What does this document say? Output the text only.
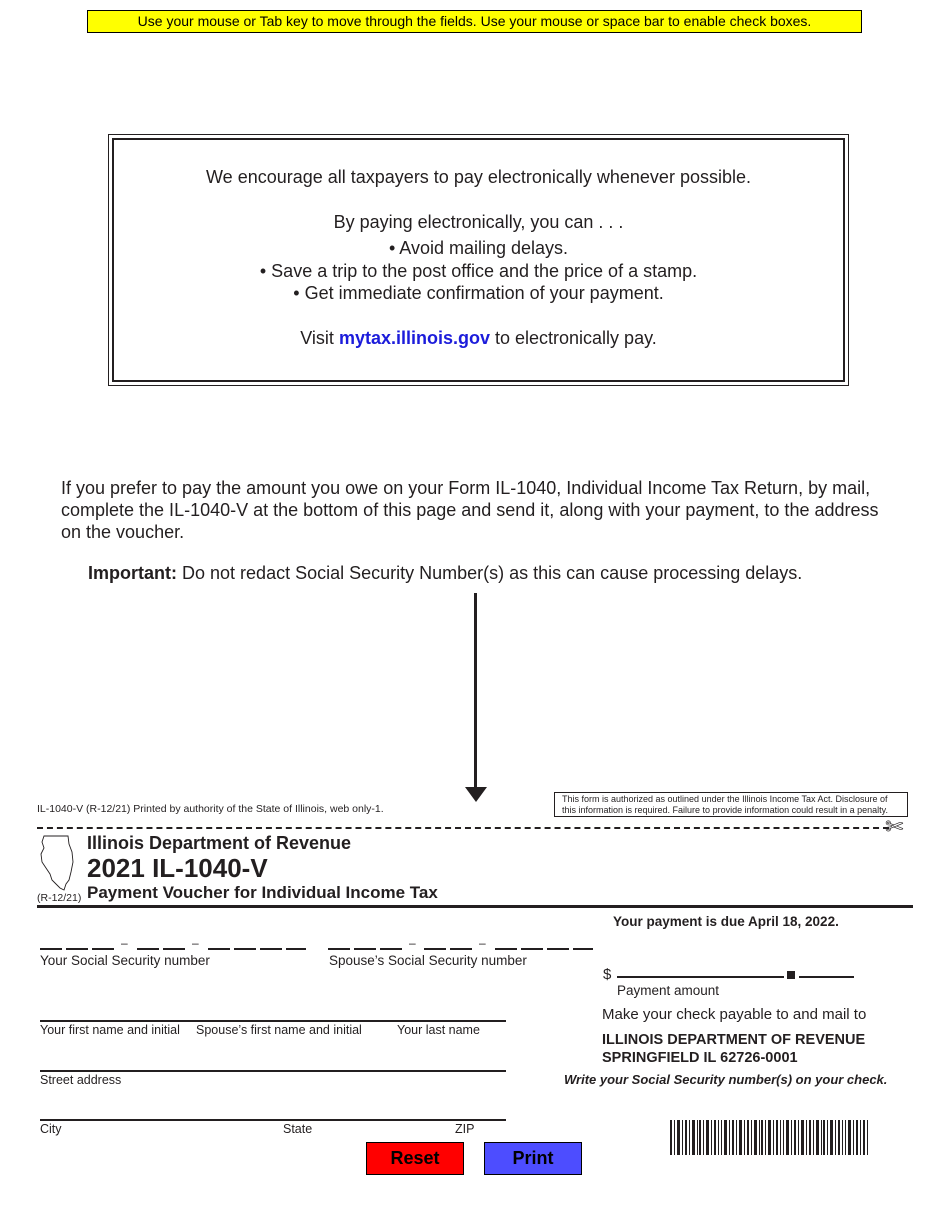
Use your mouse or Tab key to move through the fields. Use your mouse or space bar to enable check boxes.
We encourage all taxpayers to pay electronically whenever possible.
By paying electronically, you can . . .
• Avoid mailing delays.
• Save a trip to the post office and the price of a stamp.
• Get immediate confirmation of your payment.
Visit mytax.illinois.gov to electronically pay.
If you prefer to pay the amount you owe on your Form IL-1040, Individual Income Tax Return, by mail, complete the IL-1040-V at the bottom of this page and send it, along with your payment, to the address on the voucher.
Important: Do not redact Social Security Number(s) as this can cause processing delays.
IL-1040-V (R-12/21) Printed by authority of the State of Illinois, web only-1.
This form is authorized as outlined under the Illinois Income Tax Act. Disclosure of this information is required. Failure to provide information could result in a penalty.
✄
(R-12/21)
Illinois Department of Revenue
2021 IL-1040-V
Payment Voucher for Individual Income Tax
Your payment is due April 18, 2022.
–	–
Your Social Security number
–	–
Spouse’s Social Security number
$
Payment amount
Your first name and initial Spouse’s first name and initial	Your last name
Street address
City	State	ZIP
Make your check payable to and mail to
ILLINOIS DEPARTMENT OF REVENUE
SPRINGFIELD IL 62726-0001
Write your Social Security number(s) on your check.
Reset	Print
